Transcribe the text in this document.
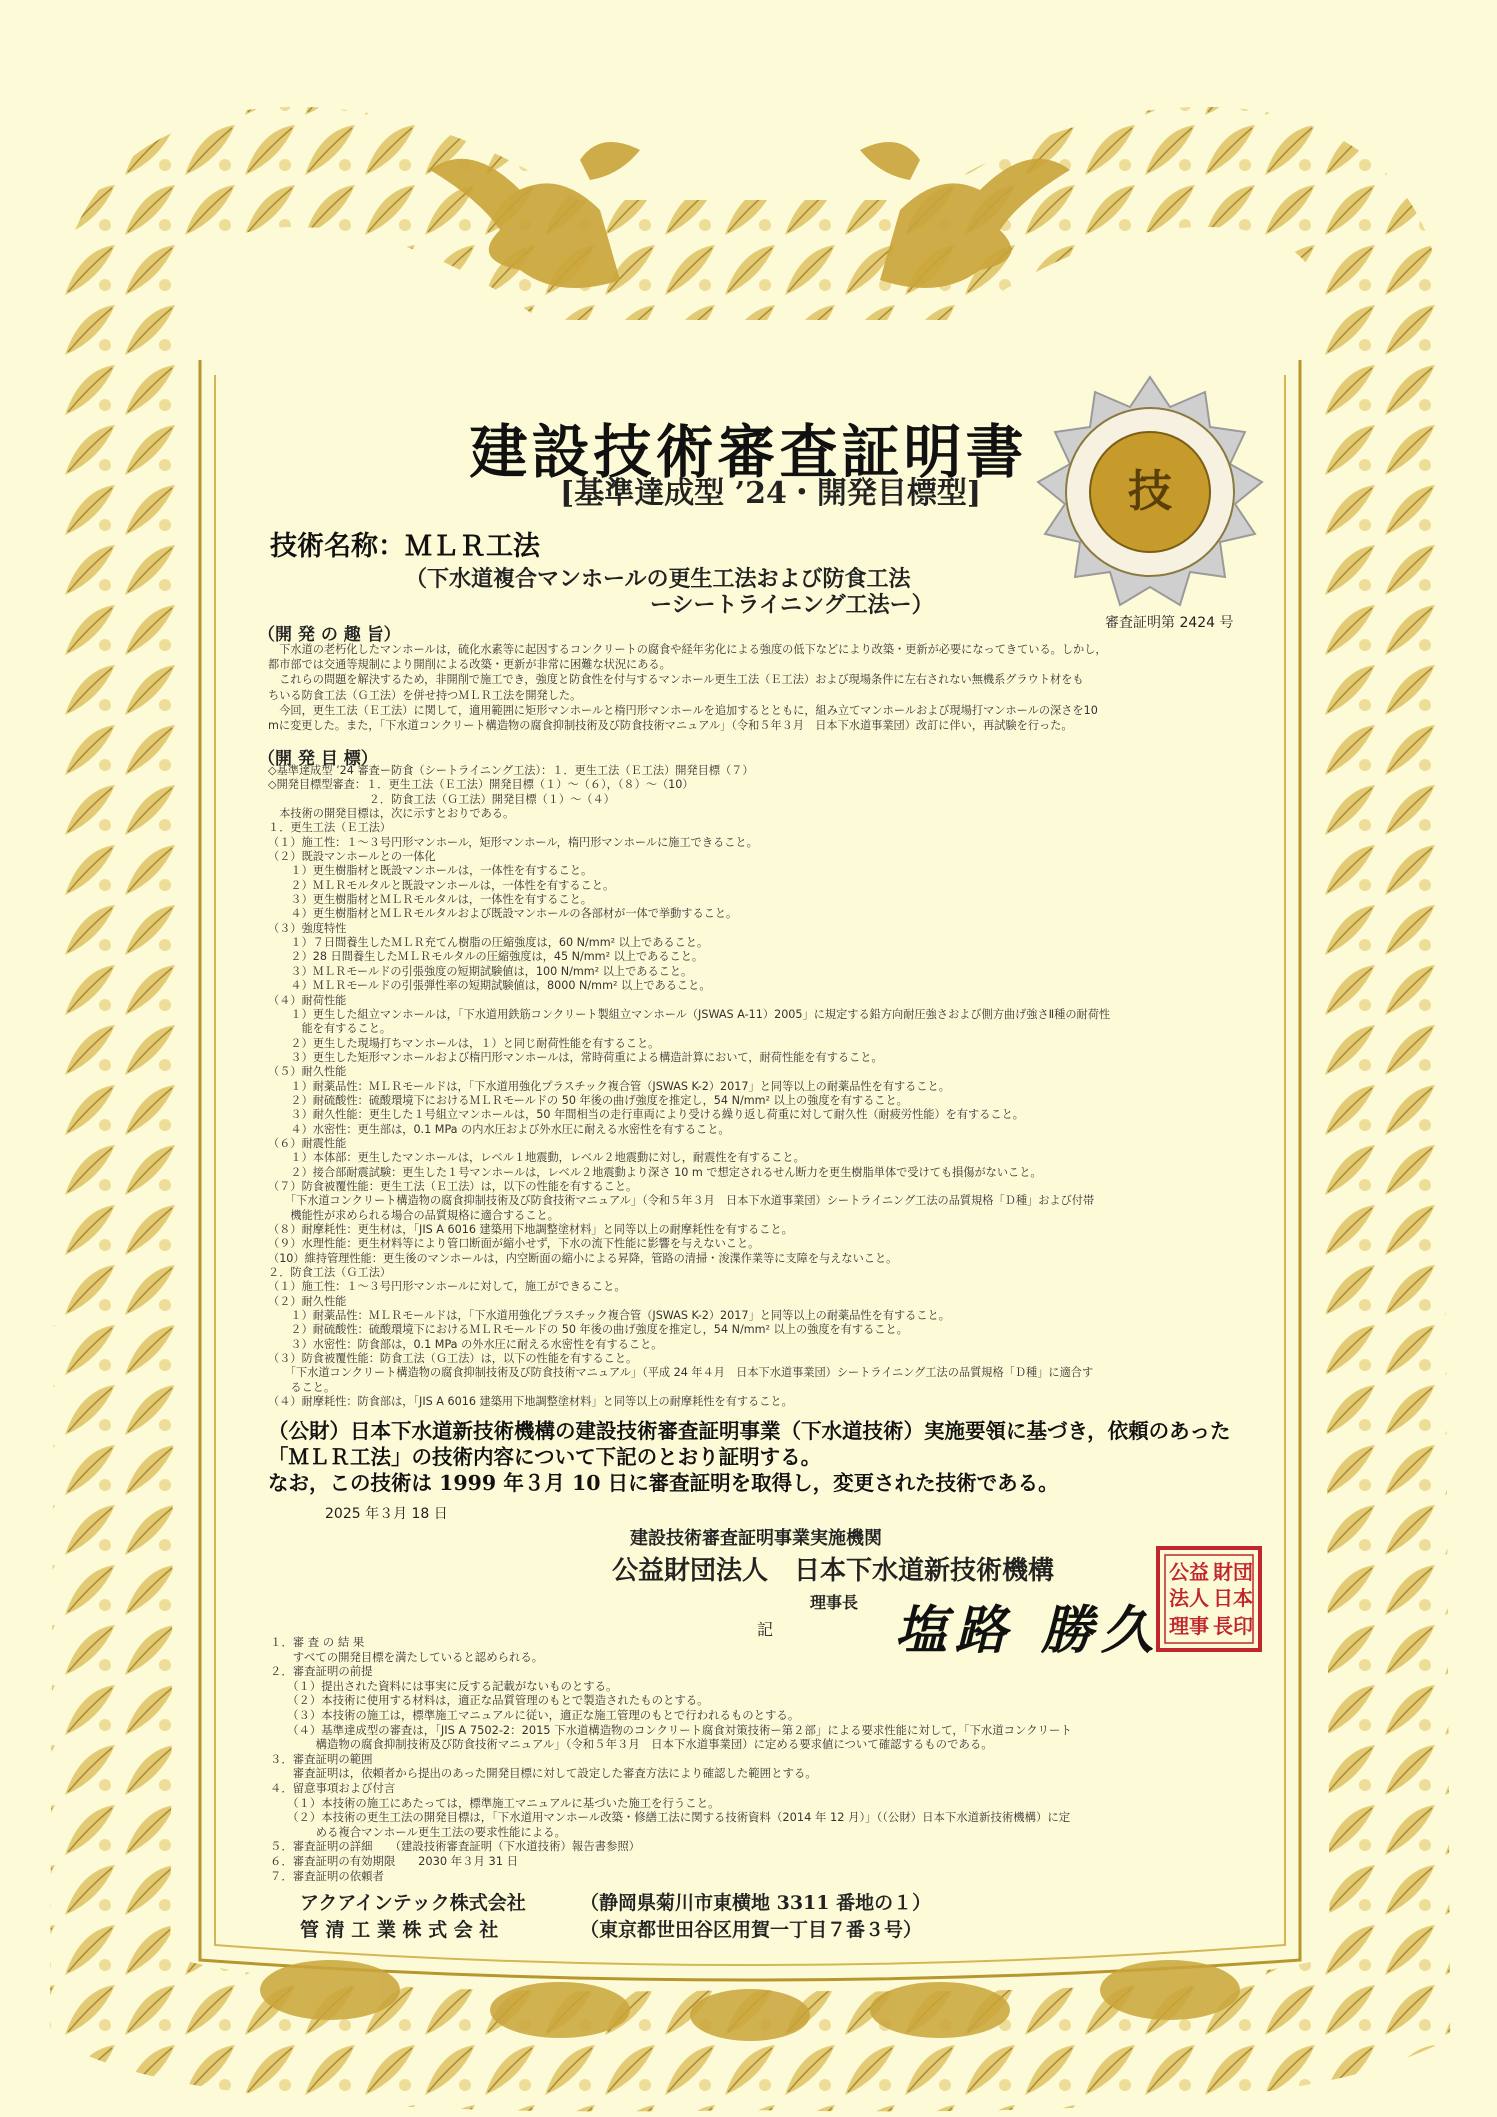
技
建設技術審査証明書
[基準達成型 ’24・開発目標型]
技術名称：ＭＬＲ工法
（下水道複合マンホールの更生工法および防食工法
ーシートライニング工法ー）
審査証明第 2424 号
（開 発 の 趣 旨）
　下水道の老朽化したマンホールは，硫化水素等に起因するコンクリートの腐食や経年劣化による強度の低下などにより改築・更新が必要になってきている。しかし，
都市部では交通等規制により開削による改築・更新が非常に困難な状況にある。
　これらの問題を解決するため，非開削で施工でき，強度と防食性を付与するマンホール更生工法（Ｅ工法）および現場条件に左右されない無機系グラウト材をも
ちいる防食工法（Ｇ工法）を併せ持つＭＬＲ工法を開発した。
　今回，更生工法（Ｅ工法）に関して，適用範囲に矩形マンホールと楕円形マンホールを追加するとともに，組み立てマンホールおよび現場打マンホールの深さを10
mに変更した。また，「下水道コンクリート構造物の腐食抑制技術及び防食技術マニュアル」（令和５年３月　日本下水道事業団）改訂に伴い，再試験を行った。
（開 発 目 標）
◇基準達成型 ’24 審査ー防食（シートライニング工法）：１．更生工法（Ｅ工法）開発目標（７）
◇開発目標型審査：１．更生工法（Ｅ工法）開発目標（１）～（６），（８）～（10）
　　　　　　　　　２．防食工法（Ｇ工法）開発目標（１）～（４）
　本技術の開発目標は，次に示すとおりである。
１．更生工法（Ｅ工法）
（１）施工性：１～３号円形マンホール，矩形マンホール，楕円形マンホールに施工できること。
（２）既設マンホールとの一体化
　　１）更生樹脂材と既設マンホールは，一体性を有すること。
　　２）ＭＬＲモルタルと既設マンホールは，一体性を有すること。
　　３）更生樹脂材とＭＬＲモルタルは，一体性を有すること。
　　４）更生樹脂材とＭＬＲモルタルおよび既設マンホールの各部材が一体で挙動すること。
（３）強度特性
　　１）７日間養生したＭＬＲ充てん樹脂の圧縮強度は，60 N/mm² 以上であること。
　　２）28 日間養生したＭＬＲモルタルの圧縮強度は，45 N/mm² 以上であること。
　　３）ＭＬＲモールドの引張強度の短期試験値は，100 N/mm² 以上であること。
　　４）ＭＬＲモールドの引張弾性率の短期試験値は，8000 N/mm² 以上であること。
（４）耐荷性能
　　１）更生した組立マンホールは，「下水道用鉄筋コンクリート製組立マンホール（JSWAS A-11）2005」に規定する鉛方向耐圧強さおよび側方曲げ強さⅡ種の耐荷性
　　　能を有すること。
　　２）更生した現場打ちマンホールは，１）と同じ耐荷性能を有すること。
　　３）更生した矩形マンホールおよび楕円形マンホールは，常時荷重による構造計算において，耐荷性能を有すること。
（５）耐久性能
　　１）耐薬品性：ＭＬＲモールドは，「下水道用強化プラスチック複合管（JSWAS K-2）2017」と同等以上の耐薬品性を有すること。
　　２）耐硫酸性：硫酸環境下におけるＭＬＲモールドの 50 年後の曲げ強度を推定し，54 N/mm² 以上の強度を有すること。
　　３）耐久性能：更生した１号組立マンホールは，50 年間相当の走行車両により受ける繰り返し荷重に対して耐久性（耐疲労性能）を有すること。
　　４）水密性：更生部は，0.1 MPa の内水圧および外水圧に耐える水密性を有すること。
（６）耐震性能
　　１）本体部：更生したマンホールは，レベル１地震動，レベル２地震動に対し，耐震性を有すること。
　　２）接合部耐震試験：更生した１号マンホールは，レベル２地震動より深さ 10 m で想定されるせん断力を更生樹脂単体で受けても損傷がないこと。
（７）防食被覆性能：更生工法（Ｅ工法）は，以下の性能を有すること。
　　「下水道コンクリート構造物の腐食抑制技術及び防食技術マニュアル」（令和５年３月　日本下水道事業団）シートライニング工法の品質規格「Ｄ種」および付帯
　　機能性が求められる場合の品質規格に適合すること。
（８）耐摩耗性：更生材は，「JIS A 6016 建築用下地調整塗材料」と同等以上の耐摩耗性を有すること。
（９）水理性能：更生材料等により管口断面が縮小せず，下水の流下性能に影響を与えないこと。
（10）維持管理性能：更生後のマンホールは，内空断面の縮小による昇降，管路の清掃・浚渫作業等に支障を与えないこと。
２．防食工法（Ｇ工法）
（１）施工性：１～３号円形マンホールに対して，施工ができること。
（２）耐久性能
　　１）耐薬品性：ＭＬＲモールドは，「下水道用強化プラスチック複合管（JSWAS K-2）2017」と同等以上の耐薬品性を有すること。
　　２）耐硫酸性：硫酸環境下におけるＭＬＲモールドの 50 年後の曲げ強度を推定し，54 N/mm² 以上の強度を有すること。
　　３）水密性：防食部は，0.1 MPa の外水圧に耐える水密性を有すること。
（３）防食被覆性能：防食工法（Ｇ工法）は，以下の性能を有すること。
　　「下水道コンクリート構造物の腐食抑制技術及び防食技術マニュアル」（平成 24 年４月　日本下水道事業団）シートライニング工法の品質規格「Ｄ種」に適合す
　　ること。
（４）耐摩耗性：防食部は，「JIS A 6016 建築用下地調整塗材料」と同等以上の耐摩耗性を有すること。
（公財）日本下水道新技術機構の建設技術審査証明事業（下水道技術）実施要領に基づき，依頼のあった
「ＭＬＲ工法」の技術内容について下記のとおり証明する。
なお，この技術は 1999 年３月 10 日に審査証明を取得し，変更された技術である。
2025 年３月 18 日
建設技術審査証明事業実施機関
公益財団法人　日本下水道新技術機構
理事長
記 塩路 勝久
公益 財団
法人 日本
理事 長印
１．審 査 の 結 果
　　すべての開発目標を満たしていると認められる。
２．審査証明の前提
　　（１）提出された資料には事実に反する記載がないものとする。
　　（２）本技術に使用する材料は，適正な品質管理のもとで製造されたものとする。
　　（３）本技術の施工は，標準施工マニュアルに従い，適正な施工管理のもとで行われるものとする。
　　（４）基準達成型の審査は，「JIS A 7502-2：2015 下水道構造物のコンクリート腐食対策技術ー第２部」による要求性能に対して，「下水道コンクリート
　　　　構造物の腐食抑制技術及び防食技術マニュアル」（令和５年３月　日本下水道事業団）に定める要求値について確認するものである。
３．審査証明の範囲
　　審査証明は，依頼者から提出のあった開発目標に対して設定した審査方法により確認した範囲とする。
４．留意事項および付言
　　（１）本技術の施工にあたっては，標準施工マニュアルに基づいた施工を行うこと。
　　（２）本技術の更生工法の開発目標は，「下水道用マンホール改築・修繕工法に関する技術資料（2014 年 12 月）」（（公財）日本下水道新技術機構）に定
　　　　める複合マンホール更生工法の要求性能による。
５．審査証明の詳細　　（建設技術審査証明（下水道技術）報告書参照）
６．審査証明の有効期限　　2030 年３月 31 日
７．審査証明の依頼者
アクアインテック株式会社
管 清 工 業 株 式 会 社
（静岡県菊川市東横地 3311 番地の１）
（東京都世田谷区用賀一丁目７番３号）
